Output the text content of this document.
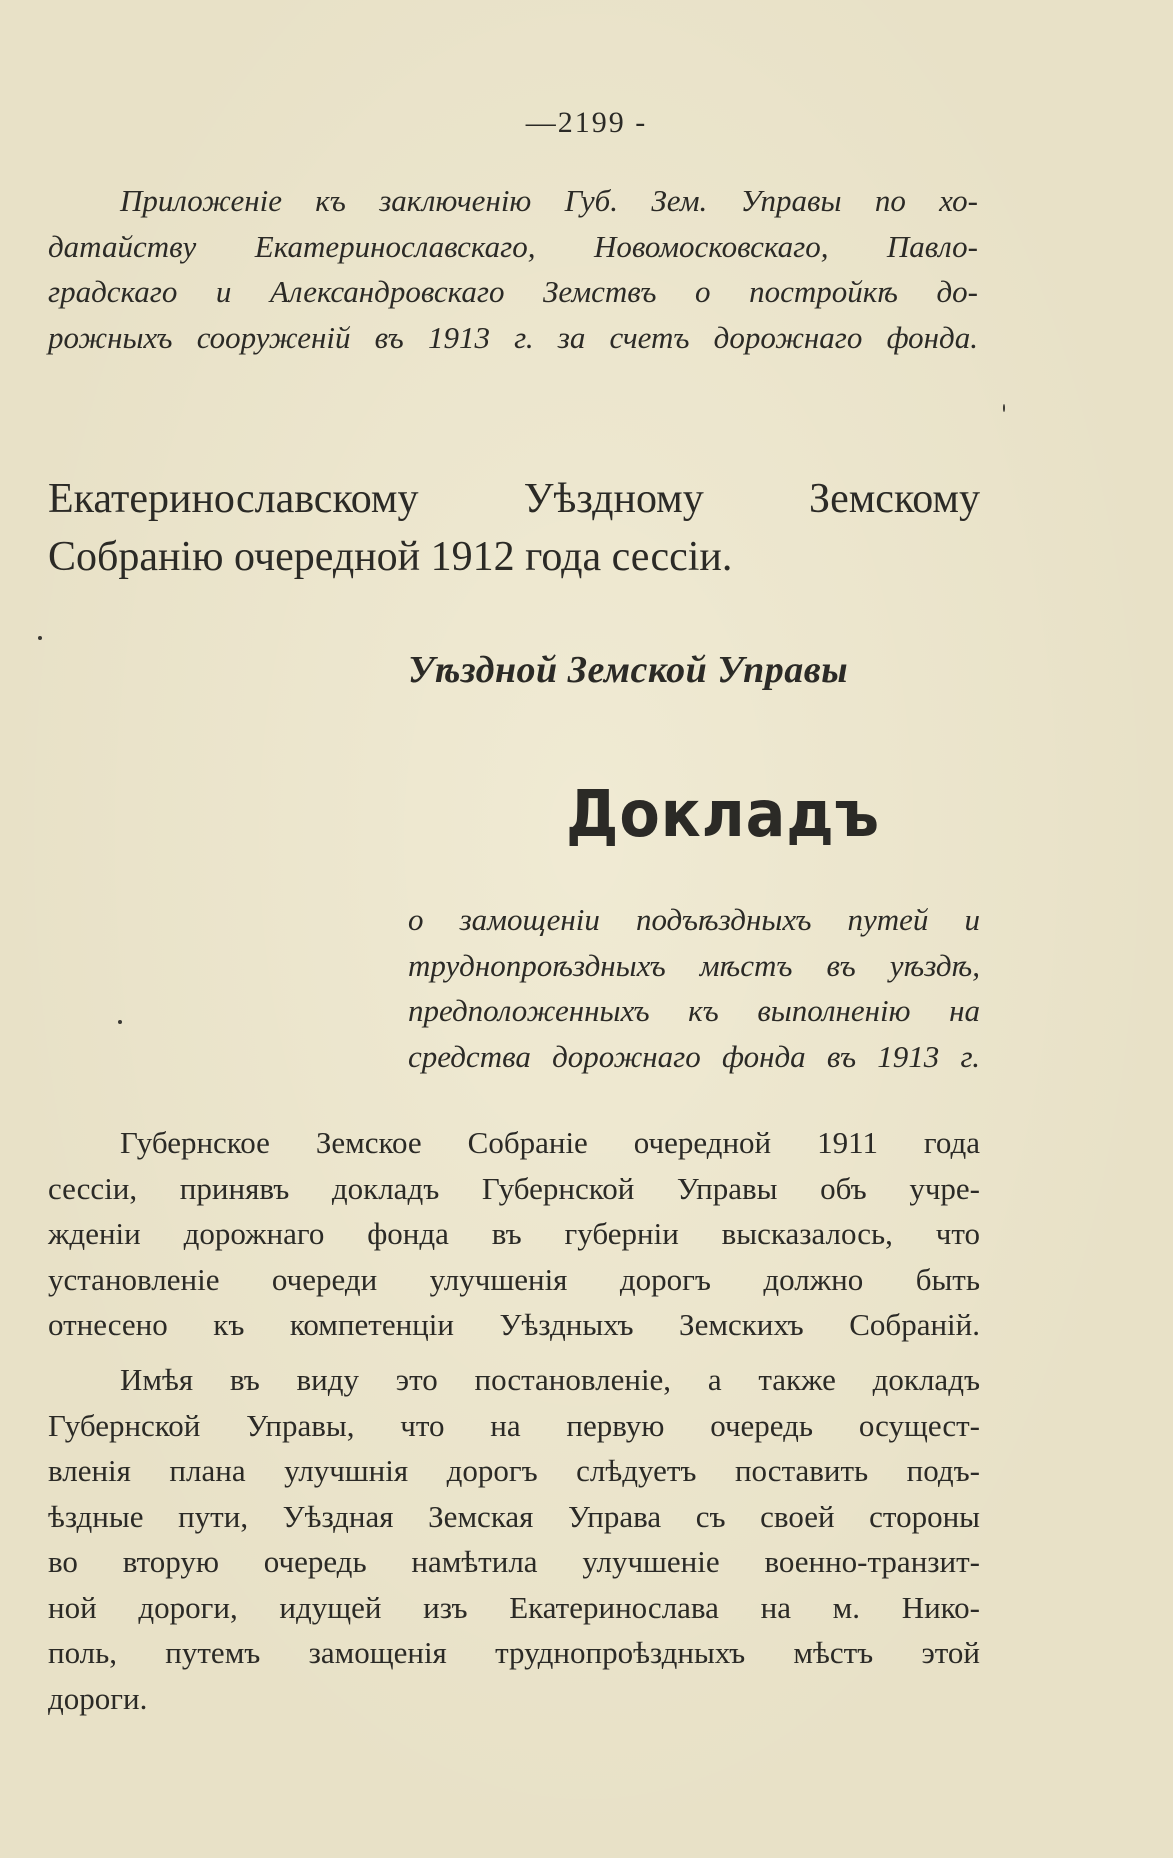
—2199 -
Приложеніе къ заключенію Губ. Зем. Управы по хо-
датайству Екатеринославскаго, Новомосковскаго, Павло-
градскаго и Александровскаго Земствъ о постройкѣ до-
рожныхъ сооруженій въ 1913 г. за счетъ дорожнаго фонда.
Екатеринославскому Уѣздному Земскому
Собранію очередной 1912 года сессіи.
Уѣздной Земской Управы
Докладъ
о замощеніи подъѣздныхъ путей и
труднопроѣздныхъ мѣстъ въ уѣздѣ,
предположенныхъ къ выполненію на
средства дорожнаго фонда въ 1913 г.
Губернское Земское Собраніе очередной 1911 года
сессіи, принявъ докладъ Губернской Управы объ учре-
жденіи дорожнаго фонда въ губерніи высказалось, что
установленіе очереди улучшенія дорогъ должно быть
отнесено къ компетенціи Уѣздныхъ Земскихъ Собраній.
Имѣя въ виду это постановленіе, а также докладъ
Губернской Управы, что на первую очередь осущест-
вленія плана улучшнія дорогъ слѣдуетъ поставить подъ-
ѣздные пути, Уѣздная Земская Управа съ своей стороны
во вторую очередь намѣтила улучшеніе военно-транзит-
ной дороги, идущей изъ Екатеринослава на м. Нико-
поль, путемъ замощенія труднопроѣздныхъ мѣстъ этой
дороги.
